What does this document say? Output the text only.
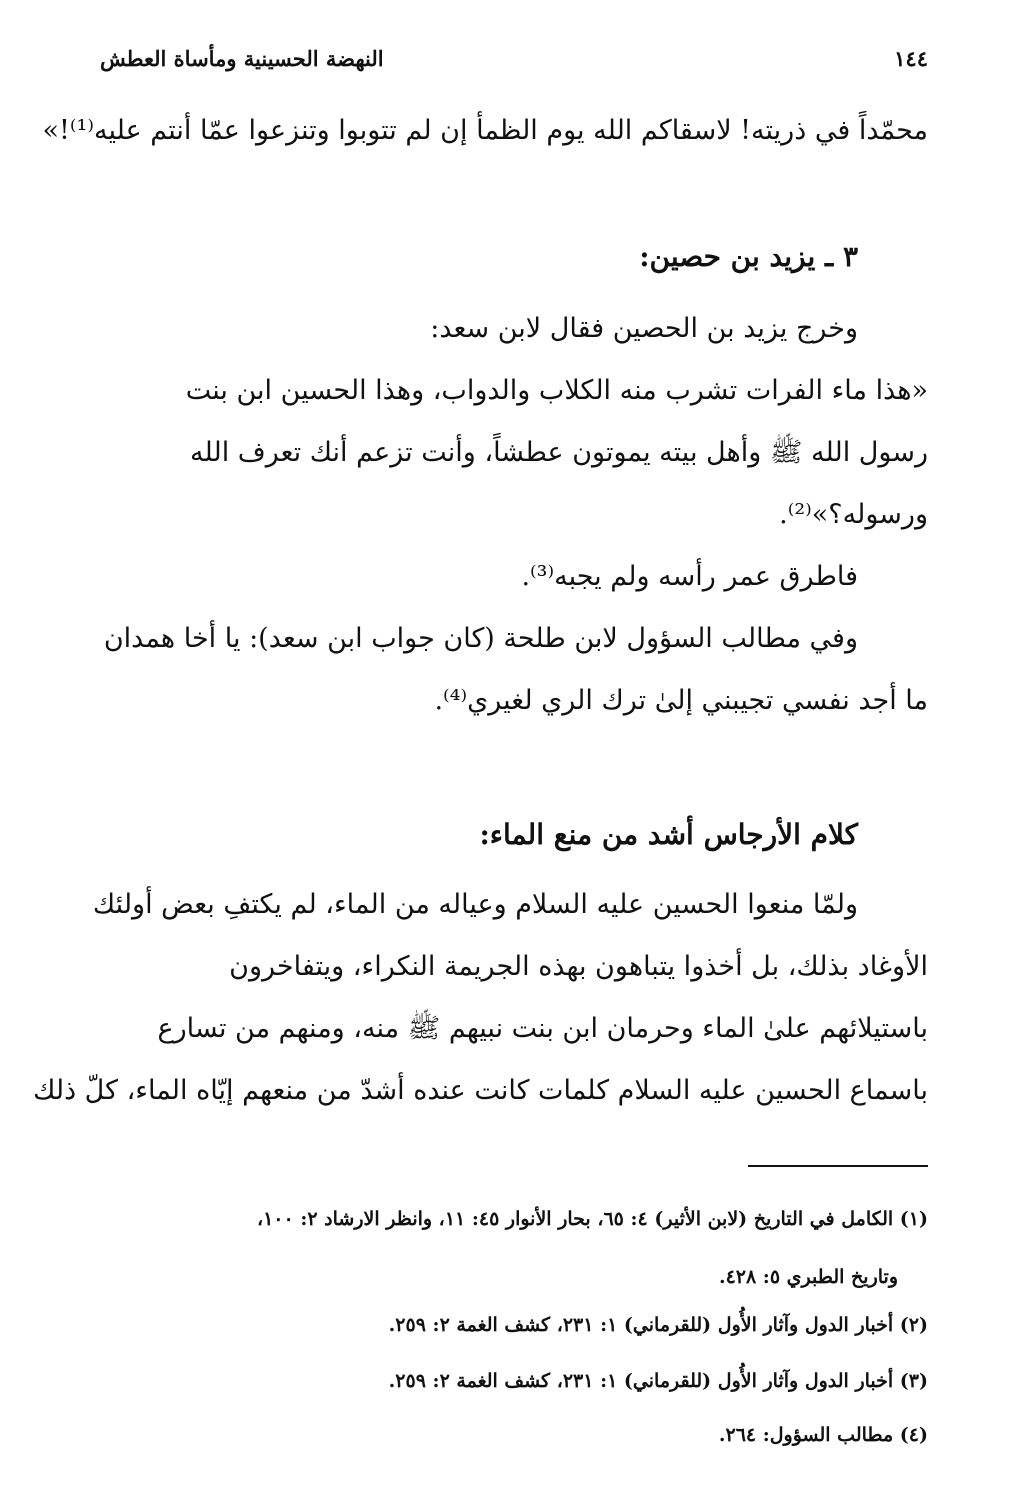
١٤٤
النهضة الحسينية ومأساة العطش
محمّداً في ذريته! لاسقاكم الله يوم الظمأ إن لم تتوبوا وتنزعوا عمّا أنتم عليه⁽¹⁾!»
٣ ـ يزيد بن حصين:
وخرج يزيد بن الحصين فقال لابن سعد:
«هذا ماء الفرات تشرب منه الكلاب والدواب، وهذا الحسين ابن بنت
رسول الله ﷺ وأهل بيته يموتون عطشاً، وأنت تزعم أنك تعرف الله
ورسوله؟»⁽²⁾.
فاطرق عمر رأسه ولم يجبه⁽³⁾.
وفي مطالب السؤول لابن طلحة (كان جواب ابن سعد): يا أخا همدان
ما أجد نفسي تجيبني إلىٰ ترك الري لغيري⁽⁴⁾.
كلام الأرجاس أشد من منع الماء:
ولمّا منعوا الحسين عليه السلام وعياله من الماء، لم يكتفِ بعض أولئك
الأوغاد بذلك، بل أخذوا يتباهون بهذه الجريمة النكراء، ويتفاخرون
باستيلائهم علىٰ الماء وحرمان ابن بنت نبيهم ﷺ منه، ومنهم من تسارع
باسماع الحسين عليه السلام كلمات كانت عنده أشدّ من منعهم إيّاه الماء، كلّ ذلك
(١) الكامل في التاريخ (لابن الأثير) ٤: ٦٥، بحار الأنوار ٤٥: ١١، وانظر الارشاد ٢: ١٠٠،
وتاريخ الطبري ٥: ٤٢٨.
(٢) أخبار الدول وآثار الأُول (للقرماني) ١: ٢٣١، كشف الغمة ٢: ٢٥٩.
(٣) أخبار الدول وآثار الأُول (للقرماني) ١: ٢٣١، كشف الغمة ٢: ٢٥٩.
(٤) مطالب السؤول: ٢٦٤.
